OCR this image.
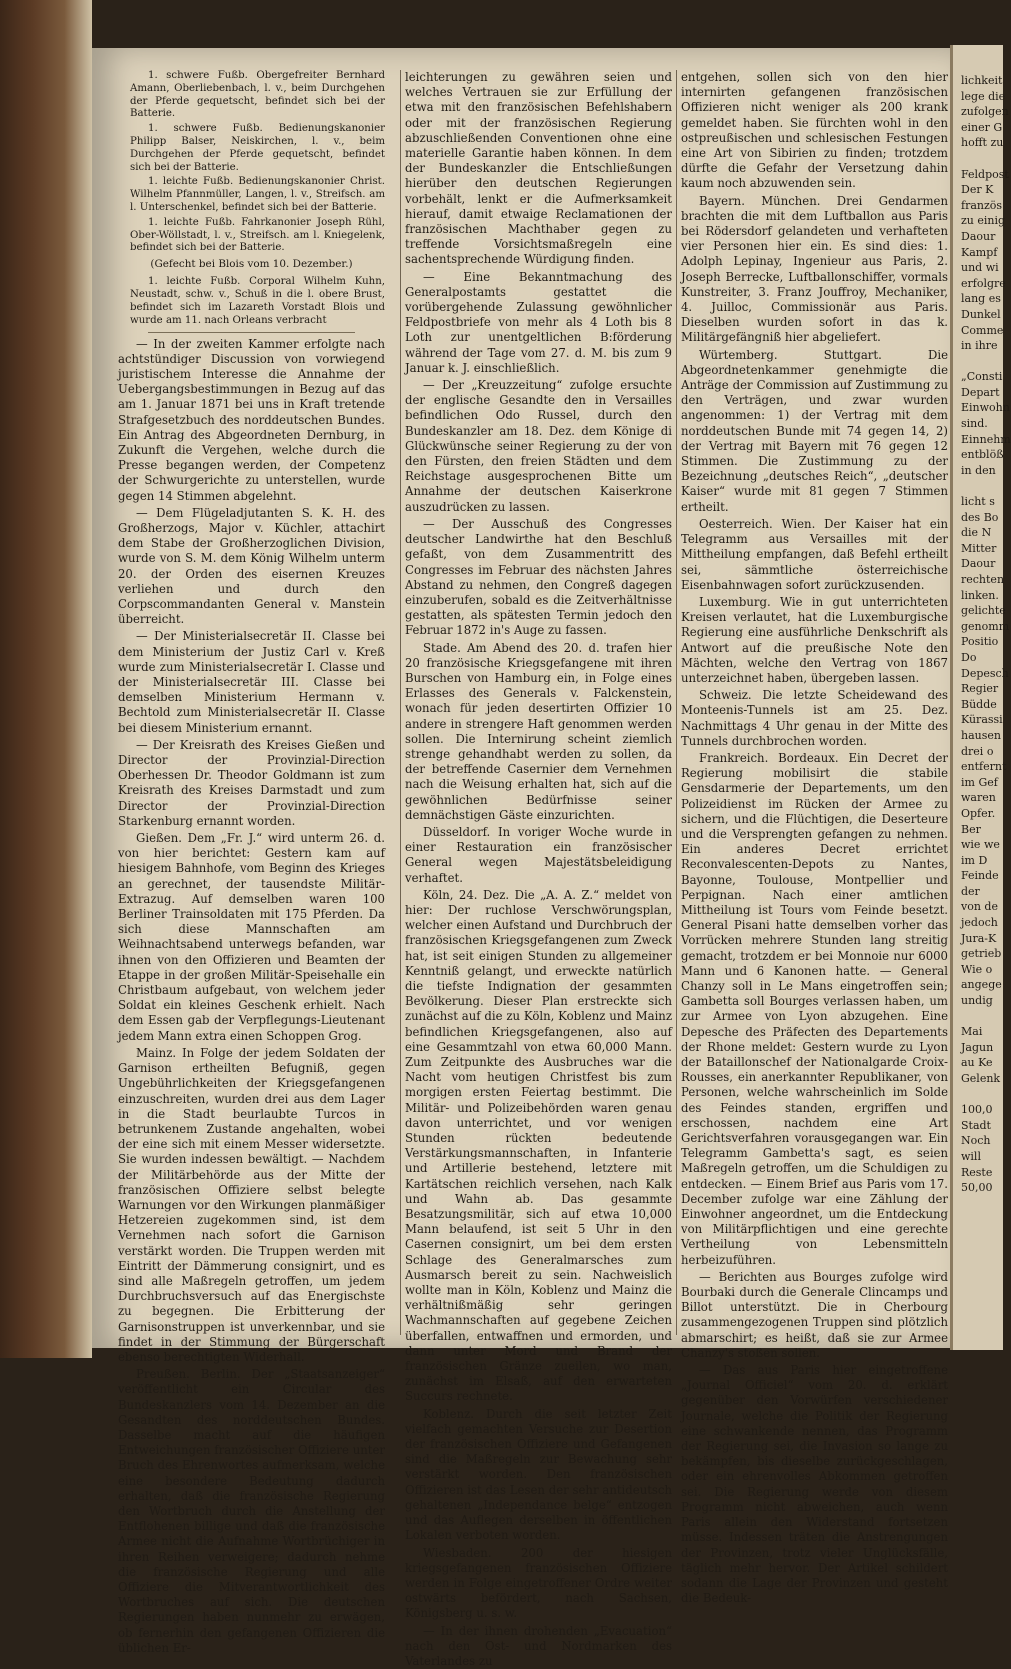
1. schwere Fußb. Obergefreiter Bernhard Amann, Oberliebenbach, l. v., beim Durchgehen der Pferde gequetscht, befindet sich bei der Batterie.

1. schwere Fußb. Bedienungskanonier Philipp Balser, Neiskirchen, l. v., beim Durchgehen der Pferde gequetscht, befindet sich bei der Batterie.

1. leichte Fußb. Bedienungskanonier Christ. Wilhelm Pfannmüller, Langen, l. v., Streifsch. am l. Unterschenkel, befindet sich bei der Batterie.

1. leichte Fußb. Fahrkanonier Joseph Rühl, Ober-Wöllstadt, l. v., Streifsch. am l. Kniegelenk, befindet sich bei der Batterie.

(Gefecht bei Blois vom 10. Dezember.)

1. leichte Fußb. Corporal Wilhelm Kuhn, Neustadt, schw. v., Schuß in die l. obere Brust, befindet sich im Lazareth Vorstadt Blois und wurde am 11. nach Orleans verbracht

— In der zweiten Kammer erfolgte nach achtstündiger Discussion von vorwiegend juristischem Interesse die Annahme der Uebergangsbestimmungen in Bezug auf das am 1. Januar 1871 bei uns in Kraft tretende Strafgesetzbuch des norddeutschen Bundes. Ein Antrag des Abgeordneten Dernburg, in Zukunft die Vergehen, welche durch die Presse begangen werden, der Competenz der Schwurgerichte zu unterstellen, wurde gegen 14 Stimmen abgelehnt.

— Dem Flügeladjutanten S. K. H. des Großherzogs, Major v. Küchler, attachirt dem Stabe der Großherzoglichen Division, wurde von S. M. dem König Wilhelm unterm 20. der Orden des eisernen Kreuzes verliehen und durch den Corpscommandanten General v. Manstein überreicht.

— Der Ministerialsecretär II. Classe bei dem Ministerium der Justiz Carl v. Kreß wurde zum Ministerialsecretär I. Classe und der Ministerialsecretär III. Classe bei demselben Ministerium Hermann v. Bechtold zum Ministerialsecretär II. Classe bei diesem Ministerium ernannt.

— Der Kreisrath des Kreises Gießen und Director der Provinzial-Direction Oberhessen Dr. Theodor Goldmann ist zum Kreisrath des Kreises Darmstadt und zum Director der Provinzial-Direction Starkenburg ernannt worden.

Gießen. Dem „Fr. J.“ wird unterm 26. d. von hier berichtet: Gestern kam auf hiesigem Bahnhofe, vom Beginn des Krieges an gerechnet, der tausendste Militär-Extrazug. Auf demselben waren 100 Berliner Trainsoldaten mit 175 Pferden. Da sich diese Mannschaften am Weihnachtsabend unterwegs befanden, war ihnen von den Offizieren und Beamten der Etappe in der großen Militär-Speisehalle ein Christbaum aufgebaut, von welchem jeder Soldat ein kleines Geschenk erhielt. Nach dem Essen gab der Verpflegungs-Lieutenant jedem Mann extra einen Schoppen Grog.

Mainz. In Folge der jedem Soldaten der Garnison ertheilten Befugniß, gegen Ungebührlichkeiten der Kriegsgefangenen einzuschreiten, wurden drei aus dem Lager in die Stadt beurlaubte Turcos in betrunkenem Zustande angehalten, wobei der eine sich mit einem Messer widersetzte. Sie wurden indessen bewältigt. — Nachdem der Militärbehörde aus der Mitte der französischen Offiziere selbst belegte Warnungen vor den Wirkungen planmäßiger Hetzereien zugekommen sind, ist dem Vernehmen nach sofort die Garnison verstärkt worden. Die Truppen werden mit Eintritt der Dämmerung consignirt, und es sind alle Maßregeln getroffen, um jedem Durchbruchsversuch auf das Energischste zu begegnen. Die Erbitterung der Garnisonstruppen ist unverkennbar, und sie findet in der Stimmung der Bürgerschaft ebenso berechtigten Widerhall.

Preußen. Berlin. Der „Staatsanzeiger“ veröffentlicht ein Circular des Bundeskanzlers vom 14. Dezember an die Gesandten des norddeutschen Bundes. Dasselbe macht auf die häufigen Entweichungen französischer Offiziere unter Bruch des Ehrenwortes aufmerksam, welche eine besondere Bedeutung dadurch erhalten, daß die französische Regierung den Wortbruch durch die Anstellung der Entflohenen billige und daß die französische Armee nicht die Aufnahme Wortbrüchiger in ihren Reihen verweigere; dadurch nehme die französische Regierung und alle Offiziere die Mitverantwortlichkeit des Wortbruches auf sich. Die deutschen Regierungen haben nunmehr zu erwägen, ob fernerhin den gefangenen Offizieren die üblichen Er-

leichterungen zu gewähren seien und welches Vertrauen sie zur Erfüllung der etwa mit den französischen Befehlshabern oder mit der französischen Regierung abzuschließenden Conventionen ohne eine materielle Garantie haben können. In dem der Bundeskanzler die Entschließungen hierüber den deutschen Regierungen vorbehält, lenkt er die Aufmerksamkeit hierauf, damit etwaige Reclamationen der französischen Machthaber gegen zu treffende Vorsichtsmaßregeln eine sachentsprechende Würdigung finden.

— Eine Bekanntmachung des Generalpostamts gestattet die vorübergehende Zulassung gewöhnlicher Feldpostbriefe von mehr als 4 Loth bis 8 Loth zur unentgeltlichen B:förderung während der Tage vom 27. d. M. bis zum 9 Januar k. J. einschließlich.

— Der „Kreuzzeitung“ zufolge ersuchte der englische Gesandte den in Versailles befindlichen Odo Russel, durch den Bundeskanzler am 18. Dez. dem Könige di Glückwünsche seiner Regierung zu der von den Fürsten, den freien Städten und dem Reichstage ausgesprochenen Bitte um Annahme der deutschen Kaiserkrone auszudrücken zu lassen.

— Der Ausschuß des Congresses deutscher Landwirthe hat den Beschluß gefaßt, von dem Zusammentritt des Congresses im Februar des nächsten Jahres Abstand zu nehmen, den Congreß dagegen einzuberufen, sobald es die Zeitverhältnisse gestatten, als spätesten Termin jedoch den Februar 1872 in's Auge zu fassen.

Stade. Am Abend des 20. d. trafen hier 20 französische Kriegsgefangene mit ihren Burschen von Hamburg ein, in Folge eines Erlasses des Generals v. Falckenstein, wonach für jeden desertirten Offizier 10 andere in strengere Haft genommen werden sollen. Die Internirung scheint ziemlich strenge gehandhabt werden zu sollen, da der betreffende Casernier dem Vernehmen nach die Weisung erhalten hat, sich auf die gewöhnlichen Bedürfnisse seiner demnächstigen Gäste einzurichten.

Düsseldorf. In voriger Woche wurde in einer Restauration ein französischer General wegen Majestätsbeleidigung verhaftet.

Köln, 24. Dez. Die „A. A. Z.“ meldet von hier: Der ruchlose Verschwörungsplan, welcher einen Aufstand und Durchbruch der französischen Kriegsgefangenen zum Zweck hat, ist seit einigen Stunden zu allgemeiner Kenntniß gelangt, und erweckte natürlich die tiefste Indignation der gesammten Bevölkerung. Dieser Plan erstreckte sich zunächst auf die zu Köln, Koblenz und Mainz befindlichen Kriegsgefangenen, also auf eine Gesammtzahl von etwa 60,000 Mann. Zum Zeitpunkte des Ausbruches war die Nacht vom heutigen Christfest bis zum morgigen ersten Feiertag bestimmt. Die Militär- und Polizeibehörden waren genau davon unterrichtet, und vor wenigen Stunden rückten bedeutende Verstärkungsmannschaften, in Infanterie und Artillerie bestehend, letztere mit Kartätschen reichlich versehen, nach Kalk und Wahn ab. Das gesammte Besatzungsmilitär, sich auf etwa 10,000 Mann belaufend, ist seit 5 Uhr in den Casernen consignirt, um bei dem ersten Schlage des Generalmarsches zum Ausmarsch bereit zu sein. Nachweislich wollte man in Köln, Koblenz und Mainz die verhältnißmäßig sehr geringen Wachmannschaften auf gegebene Zeichen überfallen, entwaffnen und ermorden, und dann unter Mord und Brand der französischen Gränze zueilen, wo man, zunächst im Elsaß, auf den erwarteten Succurs rechnete.

Koblenz. Durch die seit letzter Zeit vielfach gemachten Versuche zur Desertion der französischen Offiziere und Gefangenen sind die Maßregeln zur Bewachung sehr verstärkt worden. Den französischen Offizieren ist das Lesen der sehr antideutsch gehaltenen „Independance belge“ entzogen und das Auflegen derselben in öffentlichen Lokalen verboten worden.

Wiesbaden. 200 der hiesigen kriegsgefangenen französischen Offiziere werden in Folge eingetroffener Ordre weiter ostwärts befördert, nach Sachsen, Königsberg u. s. w.

— In der ihnen drohenden „Evacuation“ nach den Ost- und Nordmarken des Vaterlandes zu

entgehen, sollen sich von den hier internirten gefangenen französischen Offizieren nicht weniger als 200 krank gemeldet haben. Sie fürchten wohl in den ostpreußischen und schlesischen Festungen eine Art von Sibirien zu finden; trotzdem dürfte die Gefahr der Versetzung dahin kaum noch abzuwenden sein.

Bayern. München. Drei Gendarmen brachten die mit dem Luftballon aus Paris bei Rödersdorf gelandeten und verhafteten vier Personen hier ein. Es sind dies: 1. Adolph Lepinay, Ingenieur aus Paris, 2. Joseph Berrecke, Luftballonschiffer, vormals Kunstreiter, 3. Franz Jouffroy, Mechaniker, 4. Juilloc, Commissionär aus Paris. Dieselben wurden sofort in das k. Militärgefängniß hier abgeliefert.

Würtemberg. Stuttgart. Die Abgeordnetenkammer genehmigte die Anträge der Commission auf Zustimmung zu den Verträgen, und zwar wurden angenommen: 1) der Vertrag mit dem norddeutschen Bunde mit 74 gegen 14, 2) der Vertrag mit Bayern mit 76 gegen 12 Stimmen. Die Zustimmung zu der Bezeichnung „deutsches Reich“, „deutscher Kaiser“ wurde mit 81 gegen 7 Stimmen ertheilt.

Oesterreich. Wien. Der Kaiser hat ein Telegramm aus Versailles mit der Mittheilung empfangen, daß Befehl ertheilt sei, sämmtliche österreichische Eisenbahnwagen sofort zurückzusenden.

Luxemburg. Wie in gut unterrichteten Kreisen verlautet, hat die Luxemburgische Regierung eine ausführliche Denkschrift als Antwort auf die preußische Note den Mächten, welche den Vertrag von 1867 unterzeichnet haben, übergeben lassen.

Schweiz. Die letzte Scheidewand des Monteenis-Tunnels ist am 25. Dez. Nachmittags 4 Uhr genau in der Mitte des Tunnels durchbrochen worden.

Frankreich. Bordeaux. Ein Decret der Regierung mobilisirt die stabile Gensdarmerie der Departements, um den Polizeidienst im Rücken der Armee zu sichern, und die Flüchtigen, die Deserteure und die Versprengten gefangen zu nehmen. Ein anderes Decret errichtet Reconvalescenten-Depots zu Nantes, Bayonne, Toulouse, Montpellier und Perpignan. Nach einer amtlichen Mittheilung ist Tours vom Feinde besetzt. General Pisani hatte demselben vorher das Vorrücken mehrere Stunden lang streitig gemacht, trotzdem er bei Monnoie nur 6000 Mann und 6 Kanonen hatte. — General Chanzy soll in Le Mans eingetroffen sein; Gambetta soll Bourges verlassen haben, um zur Armee von Lyon abzugehen. Eine Depesche des Präfecten des Departements der Rhone meldet: Gestern wurde zu Lyon der Bataillonschef der Nationalgarde Croix-Rousses, ein anerkannter Republikaner, von Personen, welche wahrscheinlich im Solde des Feindes standen, ergriffen und erschossen, nachdem eine Art Gerichtsverfahren vorausgegangen war. Ein Telegramm Gambetta's sagt, es seien Maßregeln getroffen, um die Schuldigen zu entdecken. — Einem Brief aus Paris vom 17. December zufolge war eine Zählung der Einwohner angeordnet, um die Entdeckung von Militärpflichtigen und eine gerechte Vertheilung von Lebensmitteln herbeizuführen.

— Berichten aus Bourges zufolge wird Bourbaki durch die Generale Clincamps und Billot unterstützt. Die in Cherbourg zusammengezogenen Truppen sind plötzlich abmarschirt; es heißt, daß sie zur Armee Chanzy's stoßen sollen.

— Das aus Paris hier eingetroffene „Journal Officiel“ vom 20. d. erklärt gegenüber den Vorwürfen verschiedener Journale, welche die Politik der Regierung eine schwankende nennen, das Programm der Regierung sei, die Invasion so lange zu bekämpfen, bis dieselbe zurückgeschlagen, oder ein ehrenvolles Abkommen getroffen sei. Die Regierung werde von diesem Programm nicht abweichen, auch wenn Paris allein den Widerstand fortsetzen müsse. Indessen träten die Anstrengungen der Provinzen, trotz vieler Unglücksfälle, täglich mehr hervor. Der Artikel schildert sodann die Lage der Provinzen und gesteht die Bedeuk-

lichkeit
lege die
zufolgen
einer G
hofft zu

Feldpost
Der K
französ
zu einig
Daour
Kampf
und wi
erfolgre
lang es
Dunkel
Comme
in ihre

„Consti
Depart
Einwohn
sind.
Einnehm
entblöß
in den

licht s
des Bo
die N
Mitter
Daour
rechten
linken.
gelichte
genomm
Positio
Do
Depesch
Regier
Büdde
Kürassi
hausen
drei o
entfernt
im Gef
waren
Opfer.
Ber
wie we
im D
Feinde
der
von de
jedoch
Jura-K
getrieb
Wie o
angege
undig

Mai
Jagun
au Ke
Gelenk

100,0
Stadt
Noch
will
Reste
50,00
